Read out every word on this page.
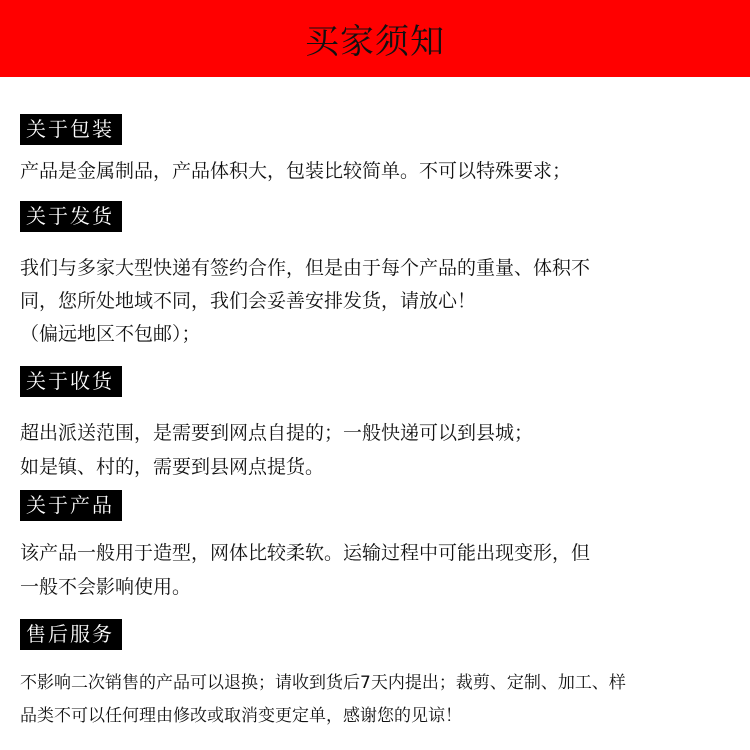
买家须知
关于包装
产品是金属制品，产品体积大，包装比较简单。不可以特殊要求；
关于发货
我们与多家大型快递有签约合作，但是由于每个产品的重量、体积不
同，您所处地域不同，我们会妥善安排发货，请放心！
（偏远地区不包邮）；
关于收货
超出派送范围，是需要到网点自提的；一般快递可以到县城；
如是镇、村的，需要到县网点提货。
关于产品
该产品一般用于造型，网体比较柔软。运输过程中可能出现变形，但
一般不会影响使用。
售后服务
不影响二次销售的产品可以退换；请收到货后7天内提出；裁剪、定制、加工、样
品类不可以任何理由修改或取消变更定单，感谢您的见谅！
